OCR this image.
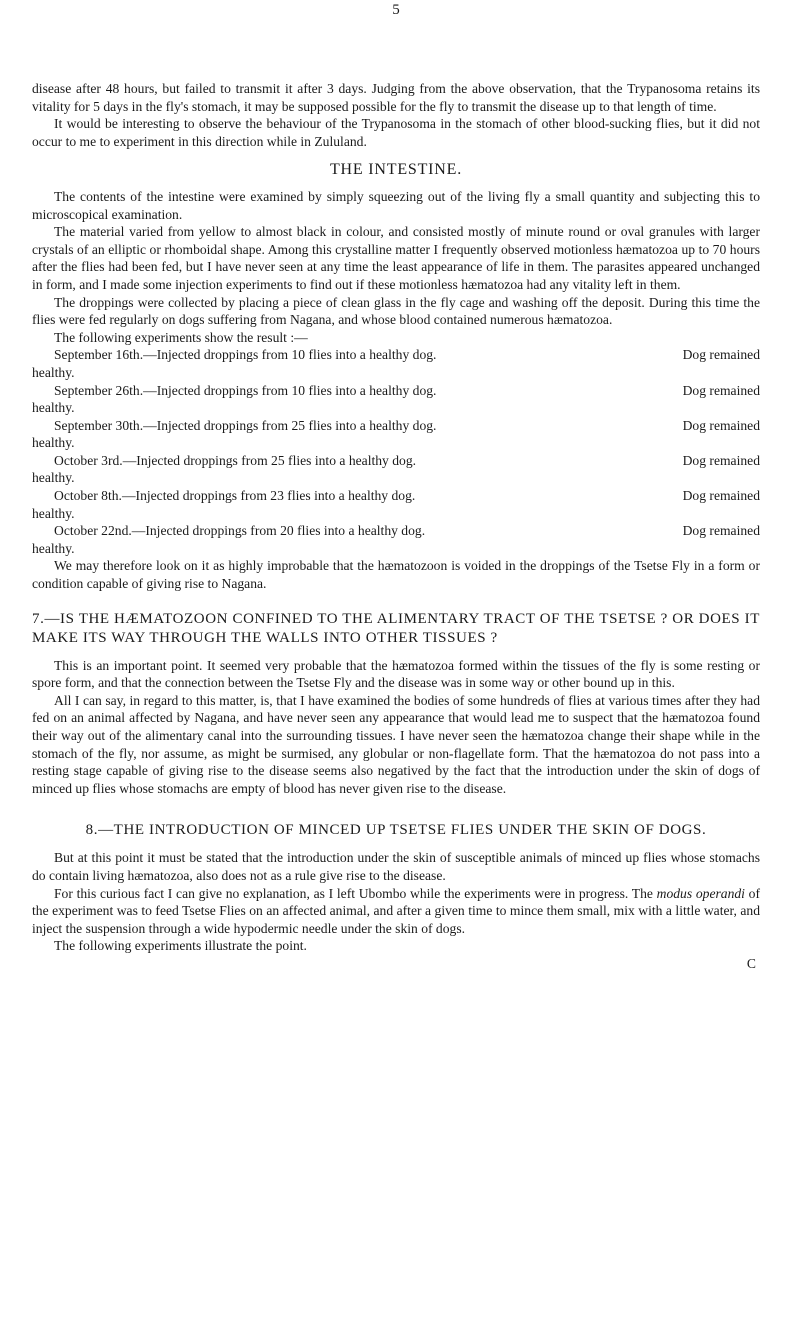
5

disease after 48 hours, but failed to transmit it after 3 days. Judging from the above observation, that the Trypanosoma retains its vitality for 5 days in the fly's stomach, it may be supposed possible for the fly to transmit the disease up to that length of time.

It would be interesting to observe the behaviour of the Trypanosoma in the stomach of other blood-sucking flies, but it did not occur to me to experiment in this direction while in Zululand.

THE INTESTINE.

The contents of the intestine were examined by simply squeezing out of the living fly a small quantity and subjecting this to microscopical examination.

The material varied from yellow to almost black in colour, and consisted mostly of minute round or oval granules with larger crystals of an elliptic or rhomboidal shape. Among this crystalline matter I frequently observed motionless hæmatozoa up to 70 hours after the flies had been fed, but I have never seen at any time the least appearance of life in them. The parasites appeared unchanged in form, and I made some injection experiments to find out if these motionless hæmatozoa had any vitality left in them.

The droppings were collected by placing a piece of clean glass in the fly cage and washing off the deposit. During this time the flies were fed regularly on dogs suffering from Nagana, and whose blood contained numerous hæmatozoa.

The following experiments show the result :—

September 16th.—Injected droppings from 10 flies into a healthy dog.	Dog remained
healthy.
September 26th.—Injected droppings from 10 flies into a healthy dog.	Dog remained
healthy.
September 30th.—Injected droppings from 25 flies into a healthy dog.	Dog remained
healthy.
October 3rd.—Injected droppings from 25 flies into a healthy dog.	Dog remained
healthy.
October 8th.—Injected droppings from 23 flies into a healthy dog.	Dog remained
healthy.
October 22nd.—Injected droppings from 20 flies into a healthy dog.	Dog remained
healthy.

We may therefore look on it as highly improbable that the hæmatozoon is voided in the droppings of the Tsetse Fly in a form or condition capable of giving rise to Nagana.

7.—IS THE HÆMATOZOON CONFINED TO THE ALIMENTARY TRACT OF THE TSETSE ? OR DOES IT MAKE ITS WAY THROUGH THE WALLS INTO OTHER TISSUES ?

This is an important point. It seemed very probable that the hæmatozoa formed within the tissues of the fly is some resting or spore form, and that the connection between the Tsetse Fly and the disease was in some way or other bound up in this.

All I can say, in regard to this matter, is, that I have examined the bodies of some hundreds of flies at various times after they had fed on an animal affected by Nagana, and have never seen any appearance that would lead me to suspect that the hæmatozoa found their way out of the alimentary canal into the surrounding tissues. I have never seen the hæmatozoa change their shape while in the stomach of the fly, nor assume, as might be surmised, any globular or non-flagellate form. That the hæmatozoa do not pass into a resting stage capable of giving rise to the disease seems also negatived by the fact that the introduction under the skin of dogs of minced up flies whose stomachs are empty of blood has never given rise to the disease.

8.—THE INTRODUCTION OF MINCED UP TSETSE FLIES UNDER THE SKIN OF DOGS.

But at this point it must be stated that the introduction under the skin of susceptible animals of minced up flies whose stomachs do contain living hæmatozoa, also does not as a rule give rise to the disease.

For this curious fact I can give no explanation, as I left Ubombo while the experiments were in progress. The modus operandi of the experiment was to feed Tsetse Flies on an affected animal, and after a given time to mince them small, mix with a little water, and inject the suspension through a wide hypodermic needle under the skin of dogs.

The following experiments illustrate the point.

C
